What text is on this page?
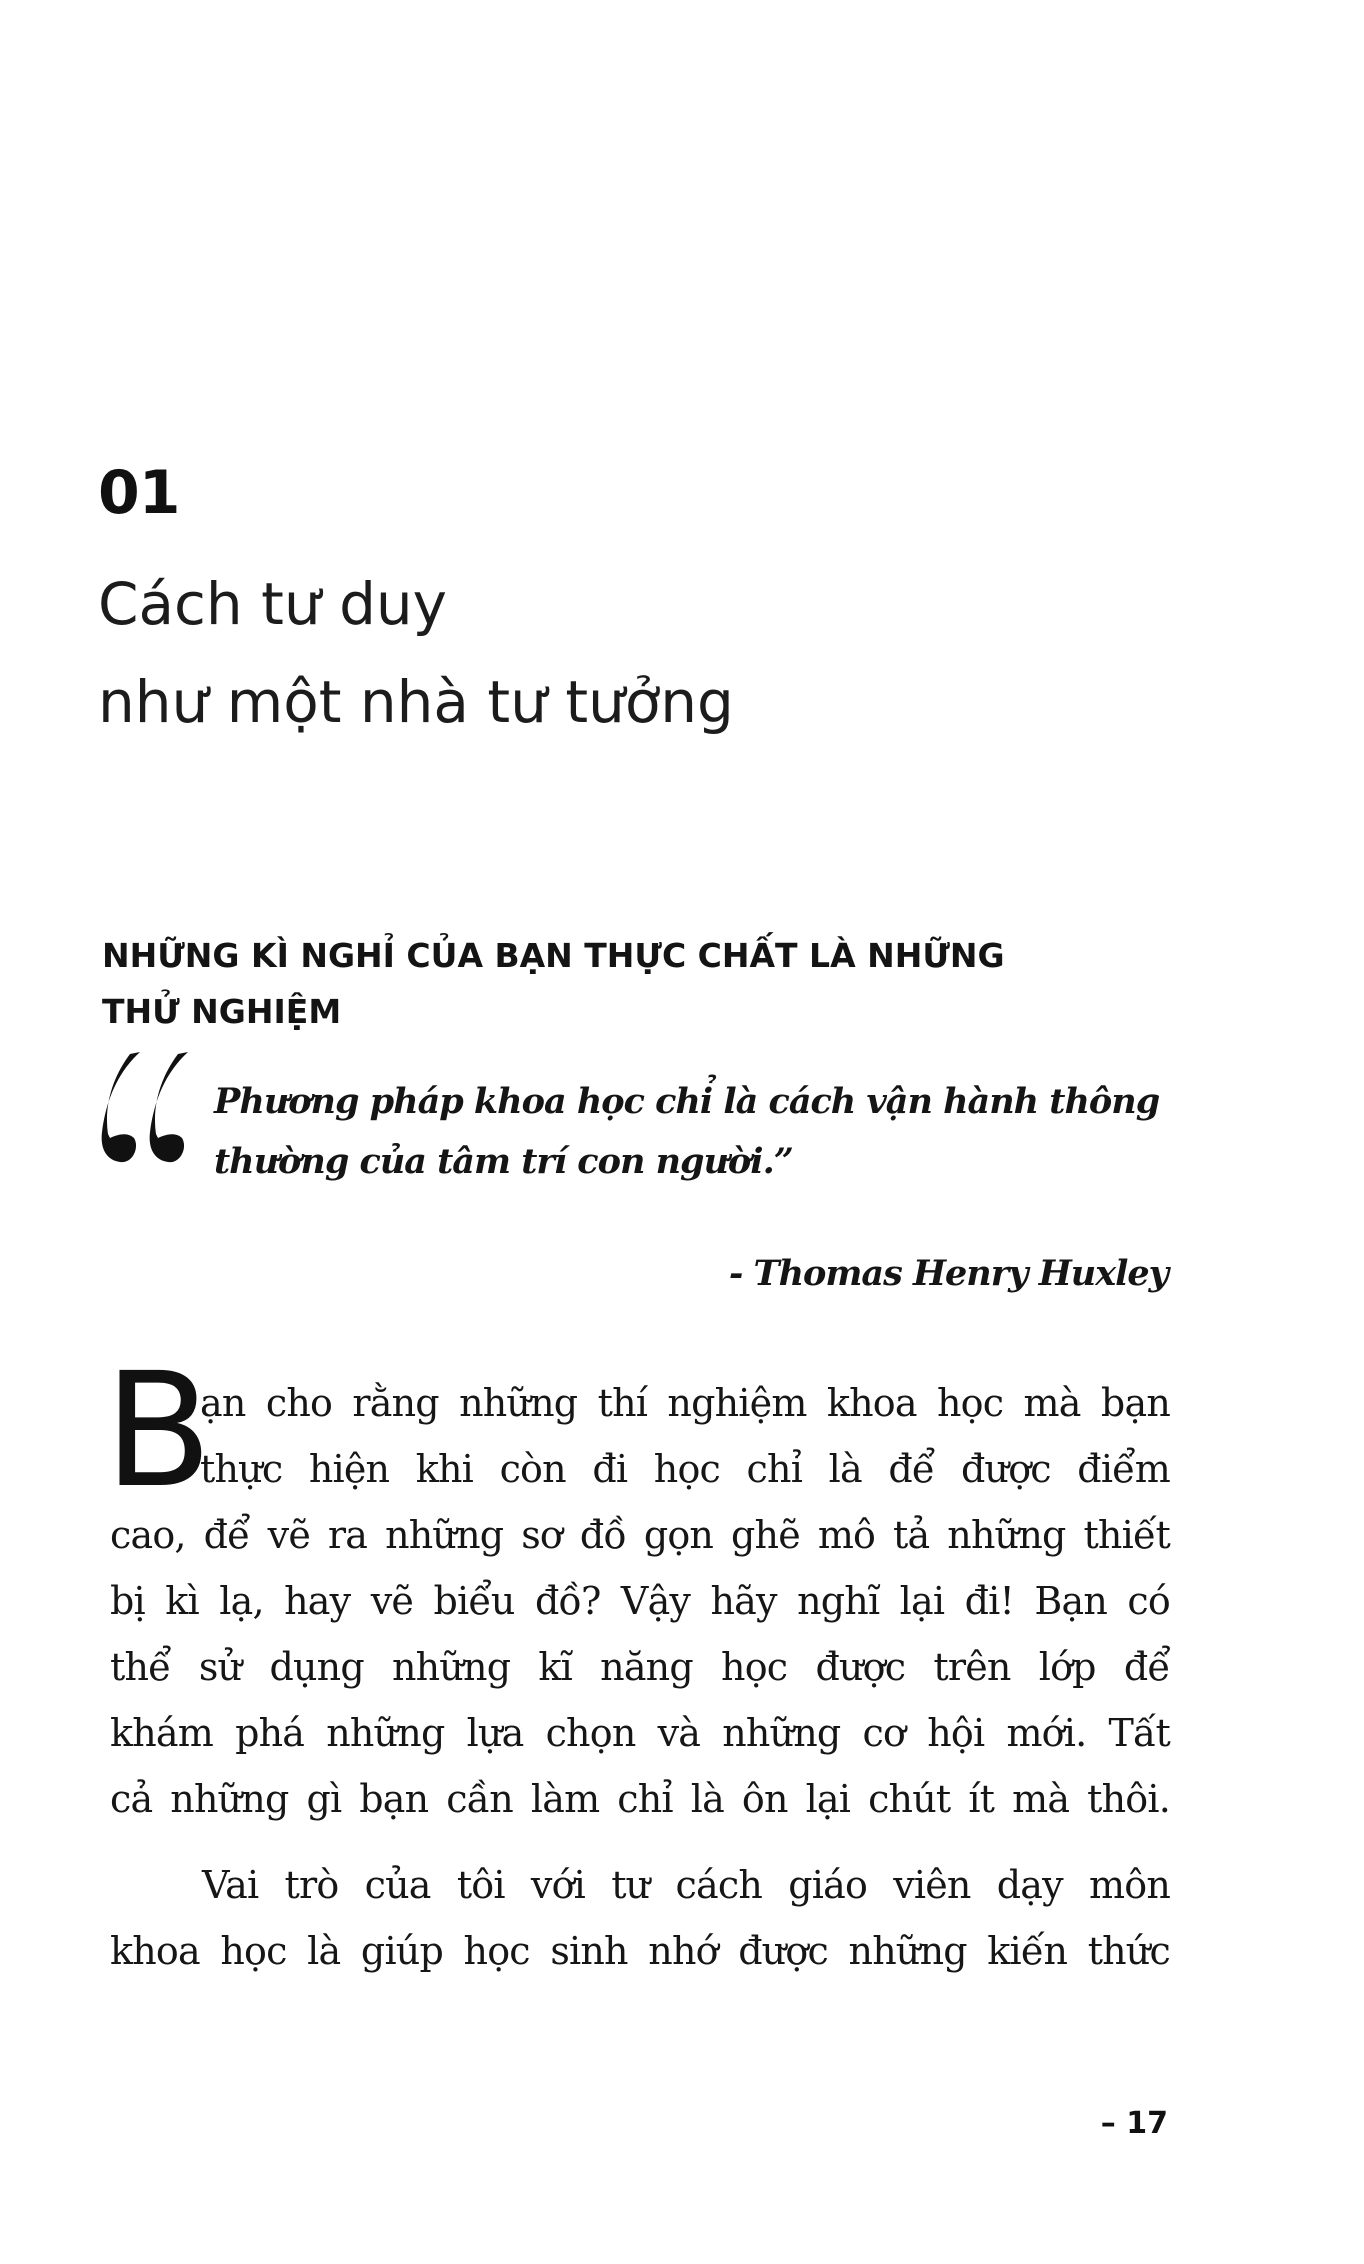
01
Cách tư duy
như một nhà tư tưởng
NHỮNG KÌ NGHỈ CỦA BẠN THỰC CHẤT LÀ NHỮNG
THỬ NGHIỆM
Phương pháp khoa học chỉ là cách vận hành thông
thường của tâm trí con người.”
- Thomas Henry Huxley
B
ạn cho rằng những thí nghiệm khoa học mà bạn
thực hiện khi còn đi học chỉ là để được điểm
cao, để vẽ ra những sơ đồ gọn ghẽ mô tả những thiết
bị kì lạ, hay vẽ biểu đồ? Vậy hãy nghĩ lại đi! Bạn có
thể sử dụng những kĩ năng học được trên lớp để
khám phá những lựa chọn và những cơ hội mới. Tất
cả những gì bạn cần làm chỉ là ôn lại chút ít mà thôi.
Vai trò của tôi với tư cách giáo viên dạy môn
khoa học là giúp học sinh nhớ được những kiến thức
– 17
